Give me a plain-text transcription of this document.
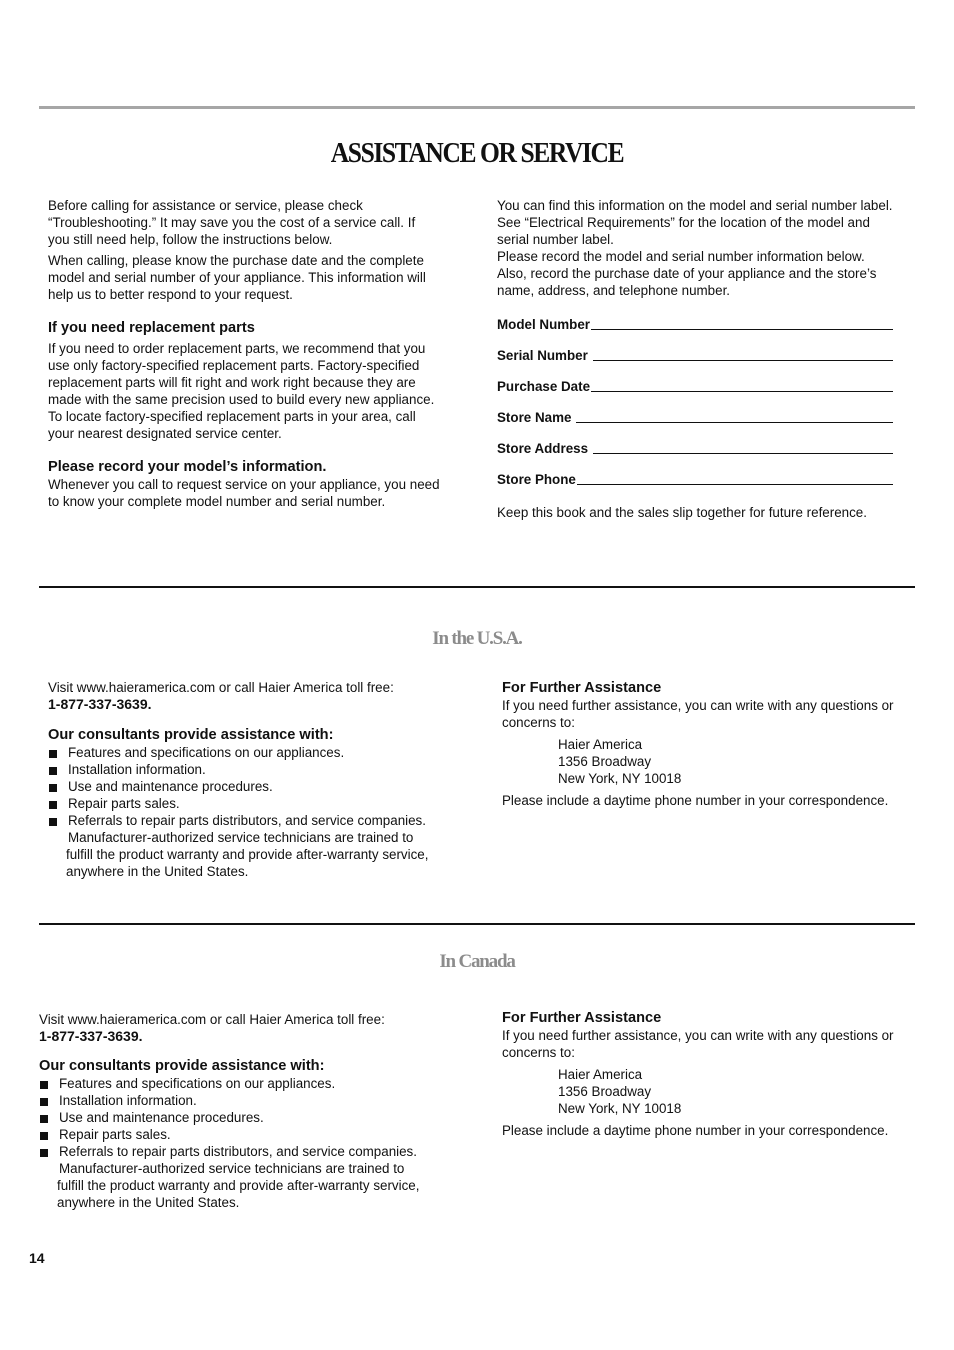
ASSISTANCE OR SERVICE

Before calling for assistance or service, please check “Troubleshooting.” It may save you the cost of a service call. If you still need help, follow the instructions below.

When calling, please know the purchase date and the complete model and serial number of your appliance. This information will help us to better respond to your request.

If you need replacement parts

If you need to order replacement parts, we recommend that you use only factory-specified replacement parts. Factory-specified replacement parts will fit right and work right because they are made with the same precision used to build every new appliance. To locate factory-specified replacement parts in your area, call your nearest designated service center.

Please record your model’s information.

Whenever you call to request service on your appliance, you need to know your complete model number and serial number.

You can find this information on the model and serial number label. See “Electrical Requirements” for the location of the model and serial number label.

Please record the model and serial number information below. Also, record the purchase date of your appliance and the store’s name, address, and telephone number.

Model Number
Serial Number
Purchase Date
Store Name
Store Address
Store Phone

Keep this book and the sales slip together for future reference.

In the U.S.A.

Visit www.haieramerica.com or call Haier America toll free:

1-877-337-3639.

Our consultants provide assistance with:

Features and specifications on our appliances.
Installation information.
Use and maintenance procedures.
Repair parts sales.
Referrals to repair parts distributors, and service companies.

Manufacturer-authorized service technicians are trained to

fulfill the product warranty and provide after-warranty service,

anywhere in the United States.

For Further Assistance

If you need further assistance, you can write with any questions or concerns to:

Haier America

1356 Broadway

New York, NY 10018

Please include a daytime phone number in your correspondence.

In Canada

Visit www.haieramerica.com or call Haier America toll free:

1-877-337-3639.

Our consultants provide assistance with:

Features and specifications on our appliances.
Installation information.
Use and maintenance procedures.
Repair parts sales.
Referrals to repair parts distributors, and service companies.

Manufacturer-authorized service technicians are trained to

fulfill the product warranty and provide after-warranty service,

anywhere in the United States.

For Further Assistance

If you need further assistance, you can write with any questions or concerns to:

Haier America

1356 Broadway

New York, NY 10018

Please include a daytime phone number in your correspondence.

14
